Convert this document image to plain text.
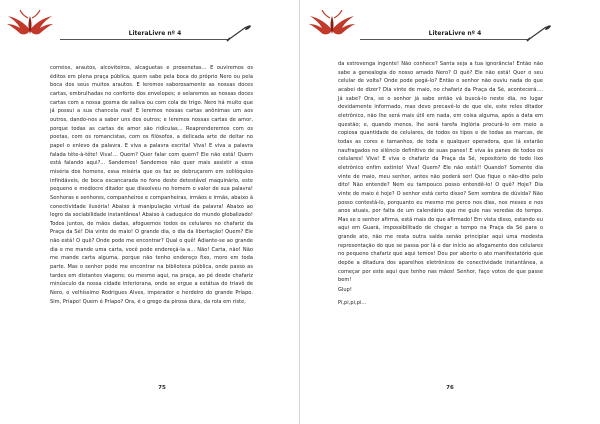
LiteraLivre nº 4

correios, arautos, alcoviteiros, alcaguetas e proxenetas... E ouviremos os éditos em plena praça pública, quem sabe pela boca do próprio Nero ou pela boca dos seus muitos arautos. E leremos saborosamente as nossas doces cartas, embrulhadas no conforto dos envelopes; e selaremos as nossas doces cartas com a nossa gosma de saliva ou com cola de trigo. Nero há muito que já possui a sua chancela real! E leremos nossas cartas anônimas um aos outros, dando-nos a saber uns dos outros; e leremos nossas cartas de amor, porque todas as cartas de amor são ridículas... Reaprenderemos com os poetas, com os romancistas, com os filósofos, a delicada arte de deitar no papel o enlevo da palavra. E viva a palavra escrita! Viva! E viva a palavra falada tête-à-tête! Viva!... Quem? Quer falar com quem? Ele não está! Quem está falando aqui?... Sandemos! Sandemos não quer mais assistir a essa miséria dos homens, essa miséria que os faz se debruçarem em solilóquios infindáveis, de boca escancarada no fone deste detestável maquinário, este pequeno e medíocre ditador que dissolveu no homem o valor de sua palavra! Senhoras e senhores, companheiros e companheiras, irmãos e irmãs, abaixo à conectividade ilusória! Abaixo à manipulação virtual da palavra! Abaixo ao logro da sociabilidade instantânea! Abaixo à caduquice do mundo globalizado! Todos juntos, de mãos dadas, afoguemos todos os celulares no chafariz da Praça da Sé! Dia vinte de maio! O grande dia, o dia da libertação! Quem? Ele não está! O quê? Onde pode me encontrar? Qual o quê! Adiante-se ao grande dia e me mande uma carta, você pode endereçá-la a... Não! Carta, não! Não me mande carta alguma, porque não tenho endereço fixo, moro em toda parte. Mas o senhor pode me encontrar na biblioteca pública, onde passo as tardes em distantes viagens; ou mesmo aqui, na praça, ao pé desde chafariz minúsculo da nossa cidade interiorana, onde se ergue a estátua do triavô de Nero, o velhíssimo Rodrigues Alves, imperador e herdeiro do grande Príapo. Sim, Príapo! Quem é Príapo? Ora, é o grego da pirosa dura, da rola em riste,

75
LiteraLivre nº 4

da estrovenga ingente! Não conhece? Santa seja a tua ignorância! Então não sabe a genealogia do nosso amado Nero? O quê? Ele não está! Quer o seu celular de volta? Onde pode pegá-lo? Então o senhor não ouviu nada do que acabei de dizer? Dia vinte de maio, no chafariz da Praça da Sé, acontecerá.... Já sabe? Ora, se o senhor já sabe então vá buscá-lo neste dia, no lugar devidamente informado, mas devo precavê-lo de que ele, este reles ditador eletrônico, não lhe será mais útil em nada, em coisa alguma, após a data em questão; e, quando menos, lhe será tarefa inglória procurá-lo em meio a copiosa quantidade de celulares, de todos os tipos e de todas as marcas, de todas as cores e tamanhos, de toda e qualquer operadora, que lá estarão naufragados no silêncio definitivo de suas panes! E viva às panes de todos os celulares! Viva! E viva o chafariz da Praça da Sé, repositório de todo lixo eletrônico enfim extinto! Viva! Quem? Ele não está!! Quando? Somente dia vinte de maio, meu senhor, antes não poderá ser! Que fique o não-dito pelo dito! Não entende? Nem eu tampouco posso entendê-lo! O quê? Hoje? Dia vinte de maio é hoje? O senhor está certo disso? Sem sombra de dúvida? Não posso contestá-lo, porquanto eu mesmo me perco nos dias, nos meses e nos anos atuais, por falta de um calendário que me guie nas veredas do tempo. Mas se o senhor afirma, está mais do que afirmado! Em vista disso, estando eu aqui em Guará, impossibilitado de chegar a tempo na Praça da Sé para o grande ato, não me resta outra saída senão principiar aqui uma modesta representação do que se passa por lá e dar início ao afogamento dos celulares no pequeno chafariz que aqui temos! Dou por aberto o ato manifestatório que depõe a ditadura dos aparelhos eletrônicos de conectividade instantânea, a começar por este aqui que tenho nas mãos! Senhor, faço votos de que passe bem!

Glup!

Pi,pi,pi,pi...

76
